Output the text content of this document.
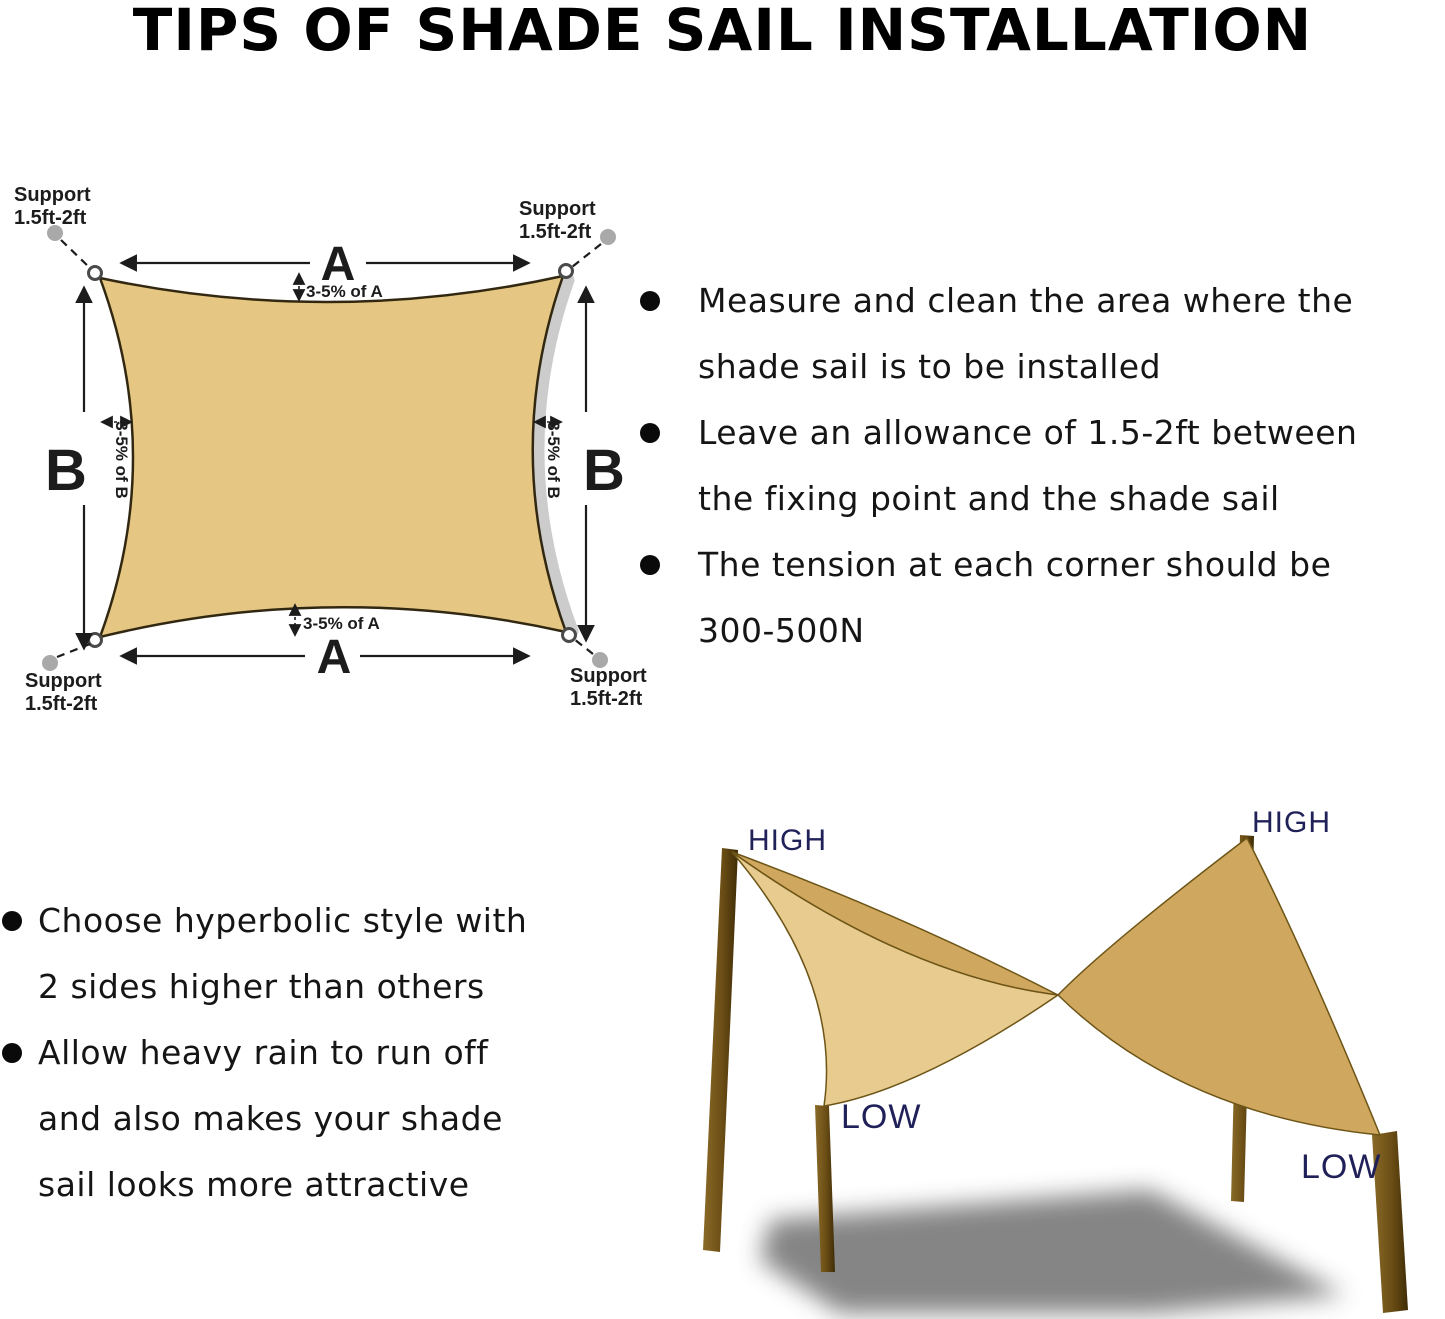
TIPS OF SHADE SAIL INSTALLATION
A
3-5% of A
A
3-5% of A
B 3-5% of B	B
3-5% of B
Support
1.5ft-2ft	Support
1.5ft-2ft
Support
1.5ft-2ft
Support
1.5ft-2ft
Measure and clean the area where the
shade sail is to be installed
Leave an allowance of 1.5-2ft between
the fixing point and the shade sail
The tension at each corner should be
300-500N
Choose hyperbolic style with
2 sides higher than others
Allow heavy rain to run off
and also makes your shade
sail looks more attractive
HIGH
HIGH
LOW
LOW
